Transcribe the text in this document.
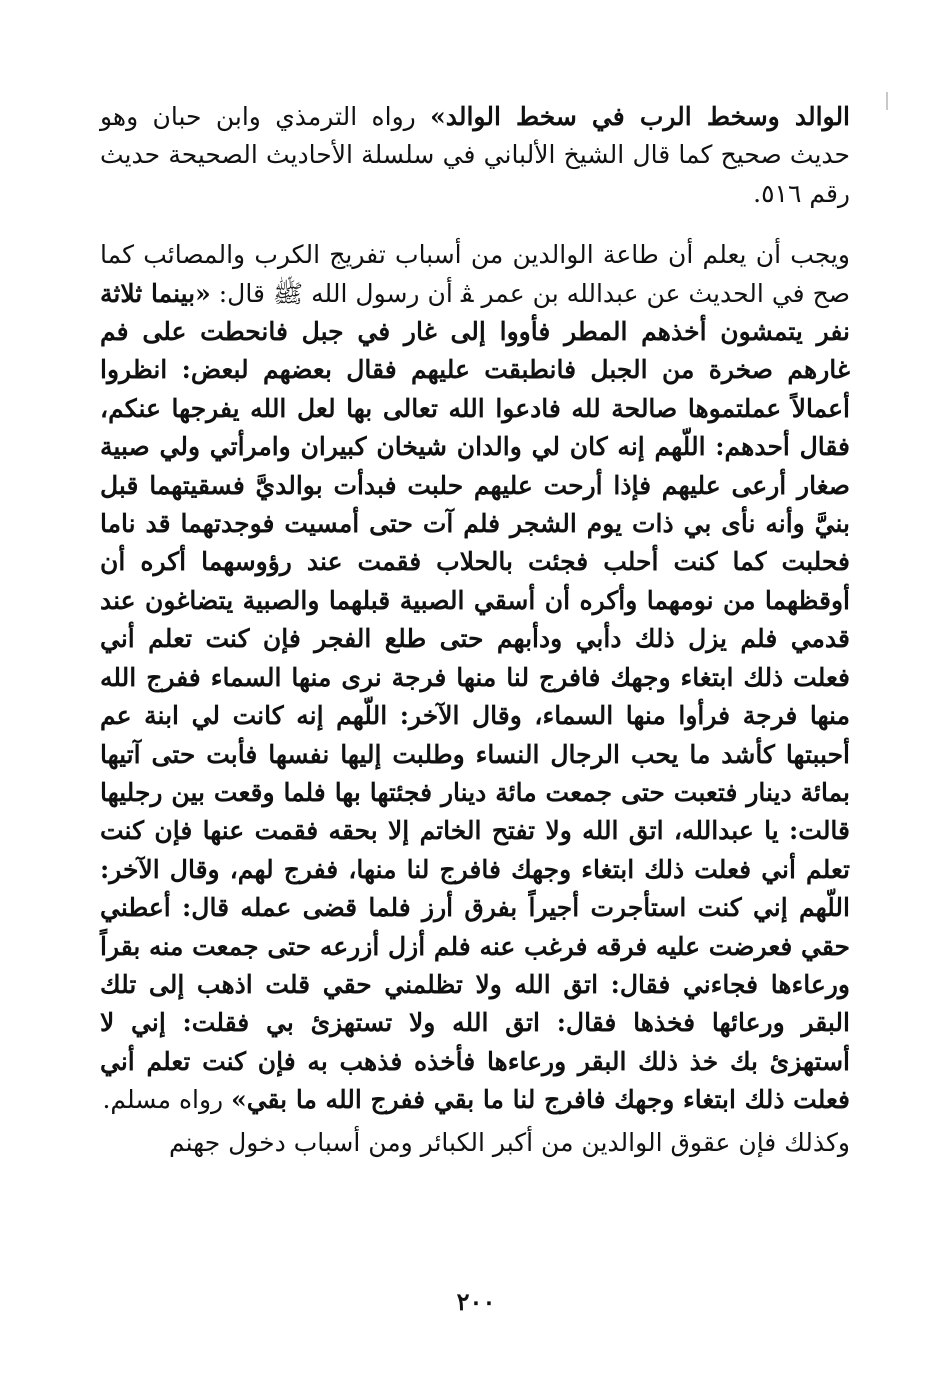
الوالد وسخط الرب في سخط الوالد» رواه الترمذي وابن حبان وهو حديث صحيح كما قال الشيخ الألباني في سلسلة الأحاديث الصحيحة حديث رقم ٥١٦.

ويجب أن يعلم أن طاعة الوالدين من أسباب تفريج الكرب والمصائب كما صح في الحديث عن عبدالله بن عمر ﭭ أن رسول الله ﷺ قال: «بينما ثلاثة نفر يتمشون أخذهم المطر فأووا إلى غار في جبل فانحطت على فم غارهم صخرة من الجبل فانطبقت عليهم فقال بعضهم لبعض: انظروا أعمالاً عملتموها صالحة لله فادعوا الله تعالى بها لعل الله يفرجها عنكم، فقال أحدهم: اللّهم إنه كان لي والدان شيخان كبيران وامرأتي ولي صبية صغار أرعى عليهم فإذا أرحت عليهم حلبت فبدأت بوالديَّ فسقيتهما قبل بنيَّ وأنه نأى بي ذات يوم الشجر فلم آت حتى أمسيت فوجدتهما قد ناما فحلبت كما كنت أحلب فجئت بالحلاب فقمت عند رؤوسهما أكره أن أوقظهما من نومهما وأكره أن أسقي الصبية قبلهما والصبية يتضاغون عند قدمي فلم يزل ذلك دأبي ودأبهم حتى طلع الفجر فإن كنت تعلم أني فعلت ذلك ابتغاء وجهك فافرج لنا منها فرجة نرى منها السماء ففرج الله منها فرجة فرأوا منها السماء، وقال الآخر: اللّهم إنه كانت لي ابنة عم أحببتها كأشد ما يحب الرجال النساء وطلبت إليها نفسها فأبت حتى آتيها بمائة دينار فتعبت حتى جمعت مائة دينار فجئتها بها فلما وقعت بين رجليها قالت: يا عبدالله، اتق الله ولا تفتح الخاتم إلا بحقه فقمت عنها فإن كنت تعلم أني فعلت ذلك ابتغاء وجهك فافرج لنا منها، ففرج لهم، وقال الآخر: اللّهم إني كنت استأجرت أجيراً بفرق أرز فلما قضى عمله قال: أعطني حقي فعرضت عليه فرقه فرغب عنه فلم أزل أزرعه حتى جمعت منه بقراً ورعاءها فجاءني فقال: اتق الله ولا تظلمني حقي قلت اذهب إلى تلك البقر ورعائها فخذها فقال: اتق الله ولا تستهزئ بي فقلت: إني لا أستهزئ بك خذ ذلك البقر ورعاءها فأخذه فذهب به فإن كنت تعلم أني فعلت ذلك ابتغاء وجهك فافرج لنا ما بقي ففرج الله ما بقي» رواه مسلم.

وكذلك فإن عقوق الوالدين من أكبر الكبائر ومن أسباب دخول جهنم

٢٠٠
